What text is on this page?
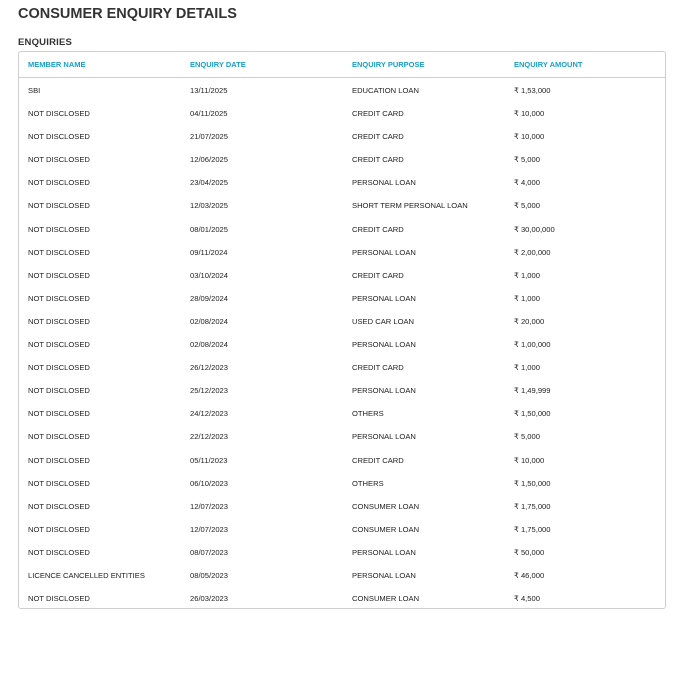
CONSUMER ENQUIRY DETAILS
ENQUIRIES
MEMBER NAME	ENQUIRY DATE	ENQUIRY PURPOSE	ENQUIRY AMOUNT
SBI	13/11/2025	EDUCATION LOAN	₹ 1,53,000
NOT DISCLOSED	04/11/2025	CREDIT CARD	₹ 10,000
NOT DISCLOSED	21/07/2025	CREDIT CARD	₹ 10,000
NOT DISCLOSED	12/06/2025	CREDIT CARD	₹ 5,000
NOT DISCLOSED	23/04/2025	PERSONAL LOAN	₹ 4,000
NOT DISCLOSED	12/03/2025	SHORT TERM PERSONAL LOAN	₹ 5,000
NOT DISCLOSED	08/01/2025	CREDIT CARD	₹ 30,00,000
NOT DISCLOSED	09/11/2024	PERSONAL LOAN	₹ 2,00,000
NOT DISCLOSED	03/10/2024	CREDIT CARD	₹ 1,000
NOT DISCLOSED	28/09/2024	PERSONAL LOAN	₹ 1,000
NOT DISCLOSED	02/08/2024	USED CAR LOAN	₹ 20,000
NOT DISCLOSED	02/08/2024	PERSONAL LOAN	₹ 1,00,000
NOT DISCLOSED	26/12/2023	CREDIT CARD	₹ 1,000
NOT DISCLOSED	25/12/2023	PERSONAL LOAN	₹ 1,49,999
NOT DISCLOSED	24/12/2023	OTHERS	₹ 1,50,000
NOT DISCLOSED	22/12/2023	PERSONAL LOAN	₹ 5,000
NOT DISCLOSED	05/11/2023	CREDIT CARD	₹ 10,000
NOT DISCLOSED	06/10/2023	OTHERS	₹ 1,50,000
NOT DISCLOSED	12/07/2023	CONSUMER LOAN	₹ 1,75,000
NOT DISCLOSED	12/07/2023	CONSUMER LOAN	₹ 1,75,000
NOT DISCLOSED	08/07/2023	PERSONAL LOAN	₹ 50,000
LICENCE CANCELLED ENTITIES	08/05/2023	PERSONAL LOAN	₹ 46,000
NOT DISCLOSED	26/03/2023	CONSUMER LOAN	₹ 4,500
